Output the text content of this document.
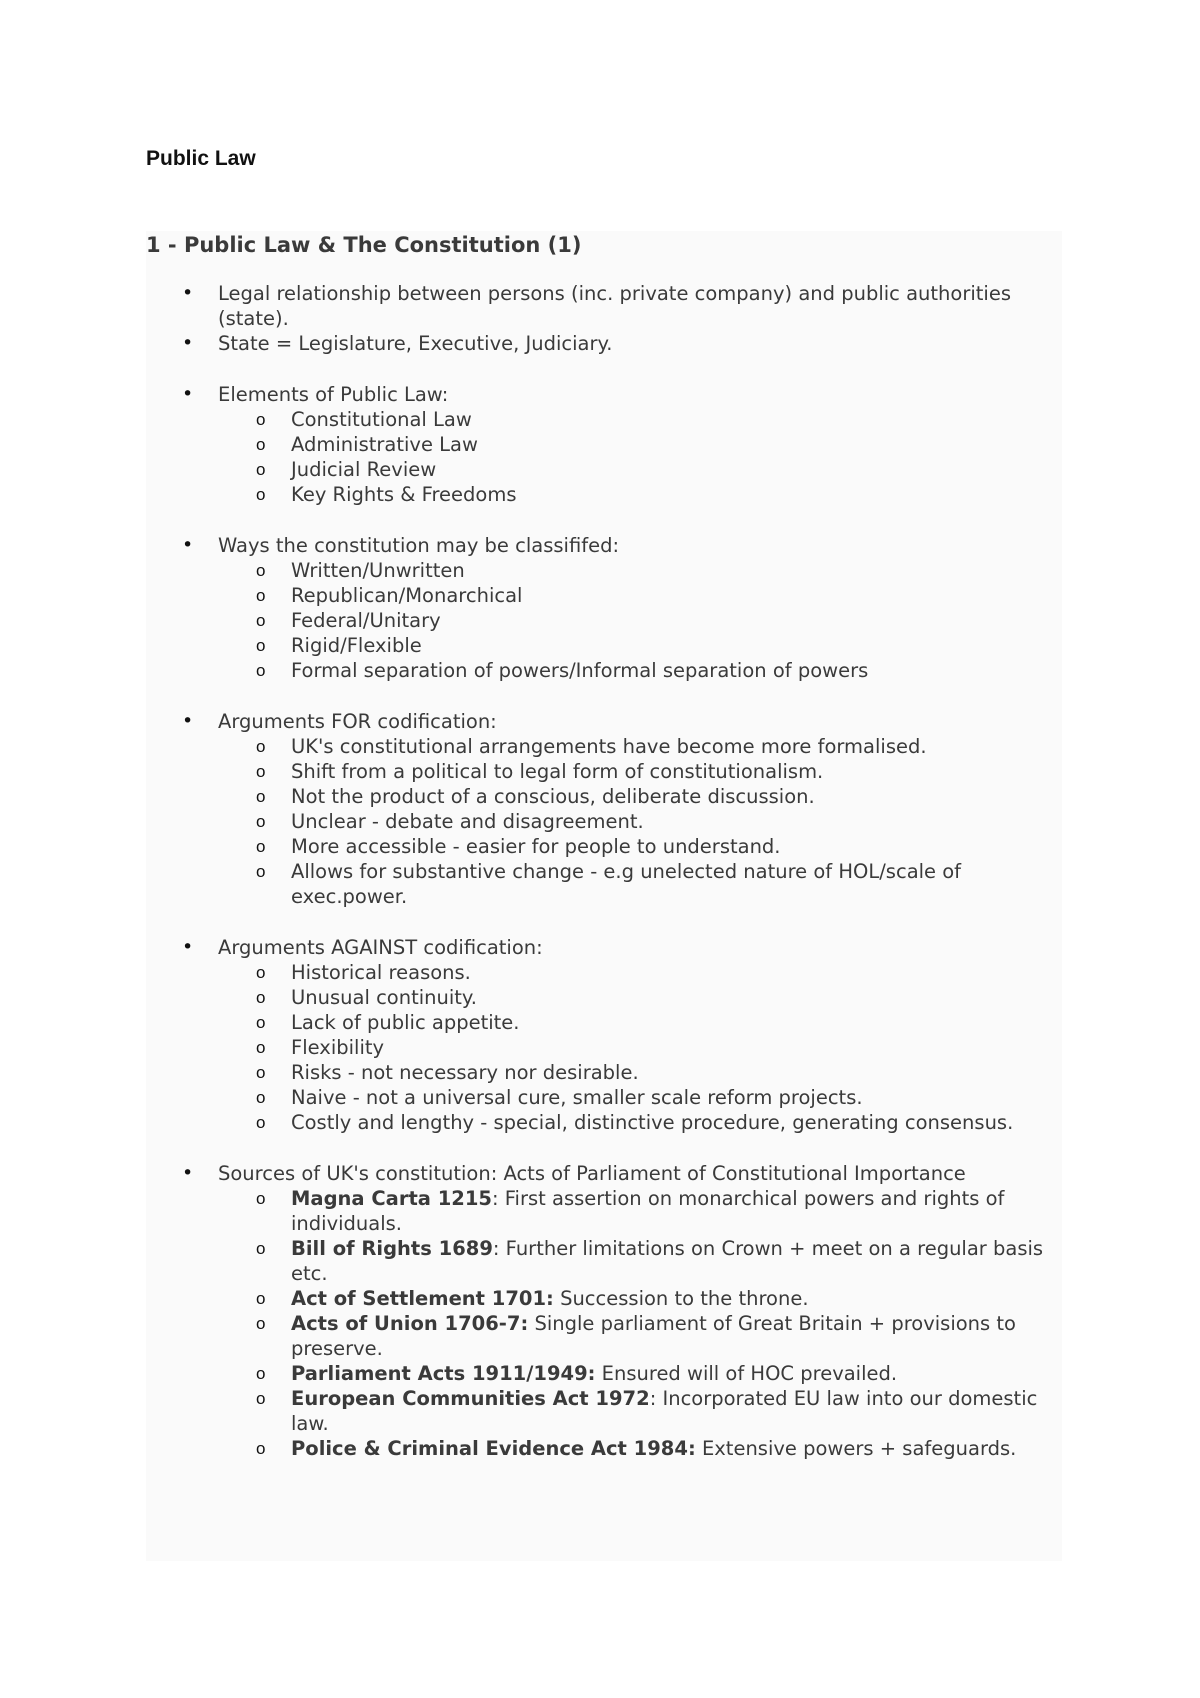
Public Law
1 - Public Law & The Constitution (1)

• Legal relationship between persons (inc. private company) and public authorities (state).

• State = Legislature, Executive, Judiciary.

• Elements of Public Law:

o Constitutional Law
o Administrative Law
o Judicial Review
o Key Rights & Freedoms

• Ways the constitution may be classififed:

o Written/Unwritten
o Republican/Monarchical
o Federal/Unitary
o Rigid/Flexible
o Formal separation of powers/Informal separation of powers

• Arguments FOR codification:

o UK's constitutional arrangements have become more formalised.
o Shift from a political to legal form of constitutionalism.
o Not the product of a conscious, deliberate discussion.
o Unclear - debate and disagreement.
o More accessible - easier for people to understand.
o Allows for substantive change - e.g unelected nature of HOL/scale of exec.power.

• Arguments AGAINST codification:

o Historical reasons.
o Unusual continuity.
o Lack of public appetite.
o Flexibility
o Risks - not necessary nor desirable.
o Naive - not a universal cure, smaller scale reform projects.
o Costly and lengthy - special, distinctive procedure, generating consensus.

• Sources of UK's constitution: Acts of Parliament of Constitutional Importance

o Magna Carta 1215: First assertion on monarchical powers and rights of individuals.
o Bill of Rights 1689: Further limitations on Crown + meet on a regular basis etc.
o Act of Settlement 1701: Succession to the throne.
o Acts of Union 1706-7: Single parliament of Great Britain + provisions to preserve.
o Parliament Acts 1911/1949: Ensured will of HOC prevailed.
o European Communities Act 1972: Incorporated EU law into our domestic law.
o Police & Criminal Evidence Act 1984: Extensive powers + safeguards.
